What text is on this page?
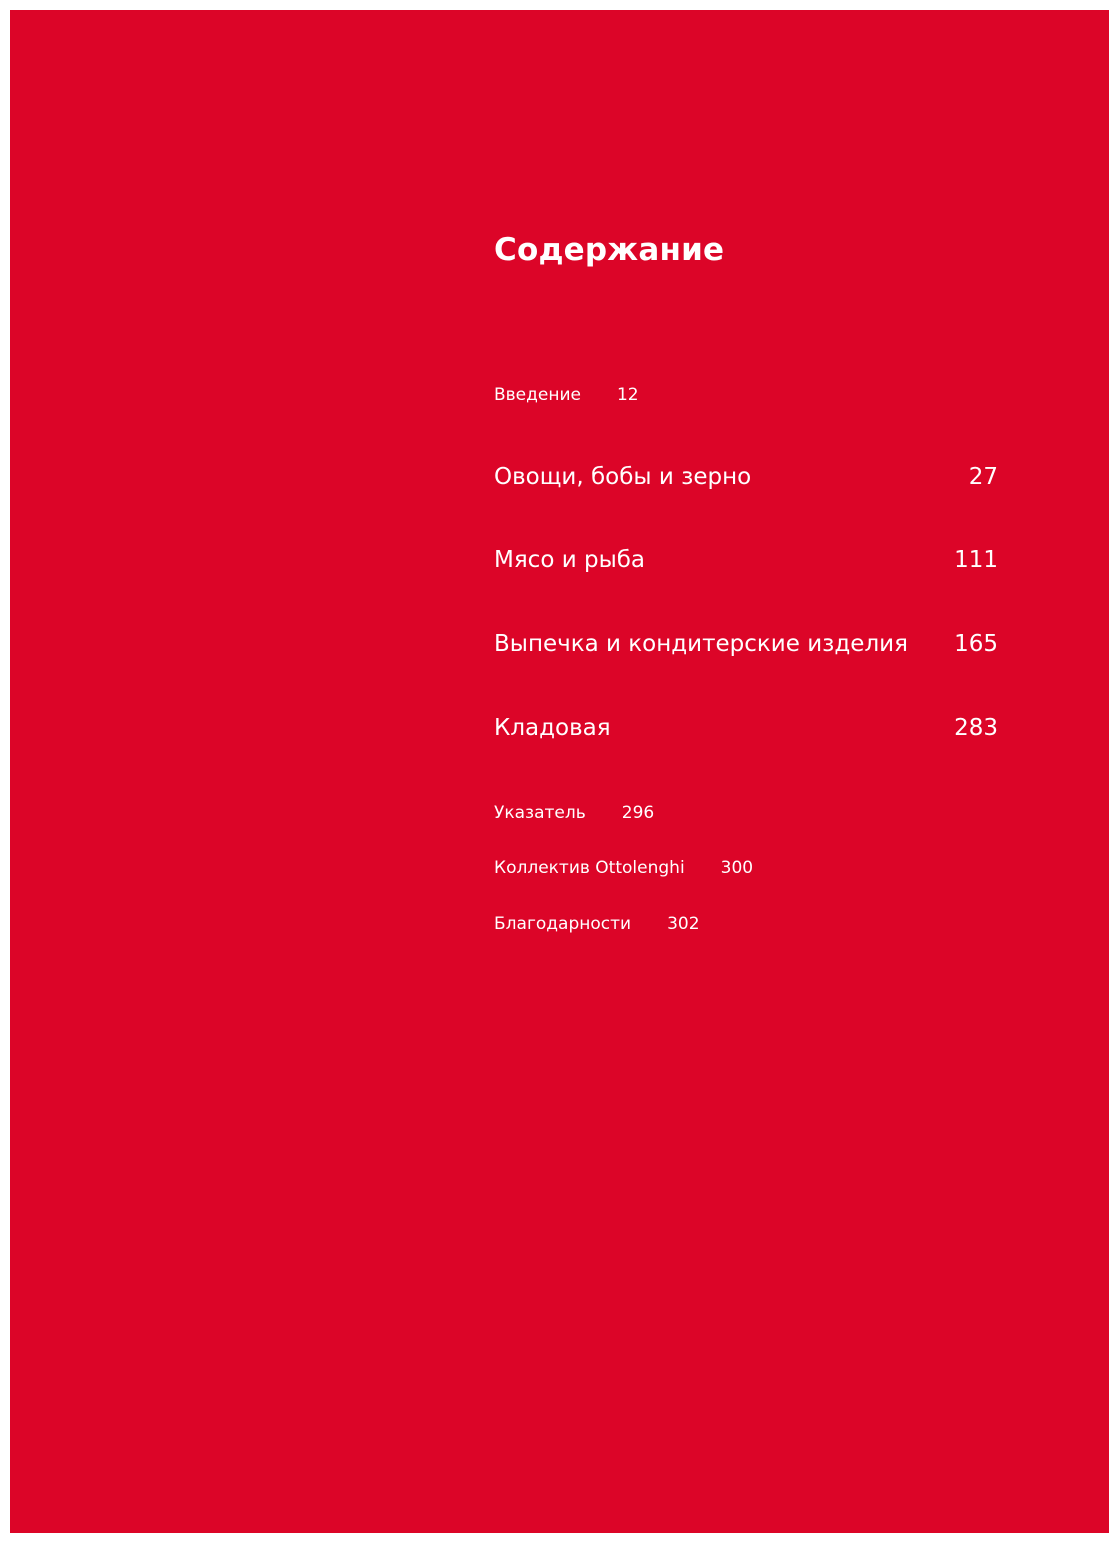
Содержание
Введение 12
Овощи, бобы и зерно	27
Мясо и рыба	111
Выпечка и кондитерские изделия 165
Кладовая	283
Указатель 296
Коллектив Ottolenghi 300
Благодарности 302
